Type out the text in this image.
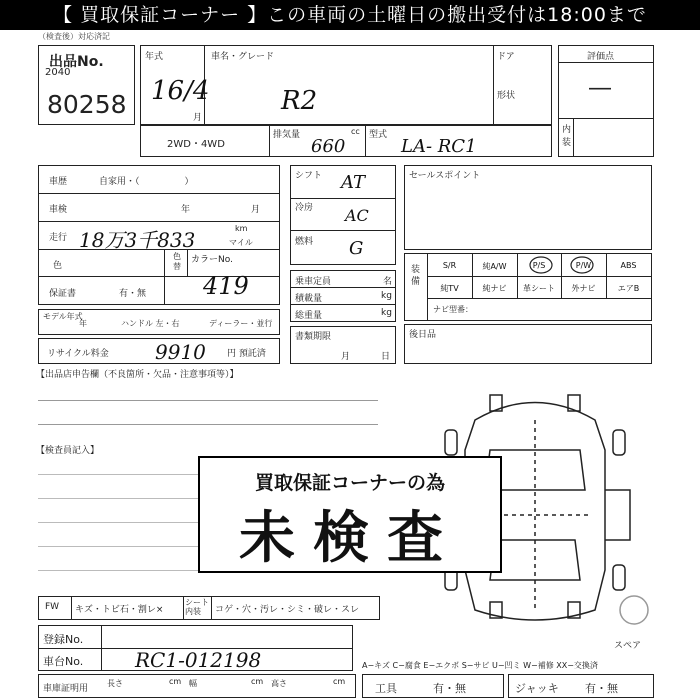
【 買取保証コーナー 】この車両の土曜日の搬出受付は18:00まで
（検査後）対応済記
出品No.
2040
80258
年式
16/4
月
車名・グレード
R2
ドア
形状
評価点
―
内装
2WD・4WD
排気量	cc
660
型式
LA- RC1
車歴	自家用・（　　　　　）
車検	年	月
走行 18万3千833	km
マイル
色
色替
カラーNo.
419
保証書	有・無
モデル年式
年	ハンドル 左・右	ディーラー・並行
リサイクル料金 9910 円 預託済
シフト AT
冷房 AC
燃料 G
乗車定員	名
積載量	kg
総重量	kg
書類期限
月	日
セールスポイント
装備
S/R	純A/W	P/S	P/W	ABS
純TV	純ナビ	革シート	外ナビ	エアB
ナビ型番：
後日品
【出品店申告欄（不良箇所・欠品・注意事項等）】
【検査員記入】
買取保証コーナーの為
未検査
FW キズ・トビ石・割レ×
シート内装	コゲ・穴・汚レ・シミ・破レ・スレ
登録No.
車台No.	RC1-012198
スペア
A−キズ C−腐食 E−エクボ S−サビ U−凹ミ W−補修 XX−交換済
車庫証明用
長さ	cm 幅	cm 高さ	cm
工具	有・無	ジャッキ 有・無
